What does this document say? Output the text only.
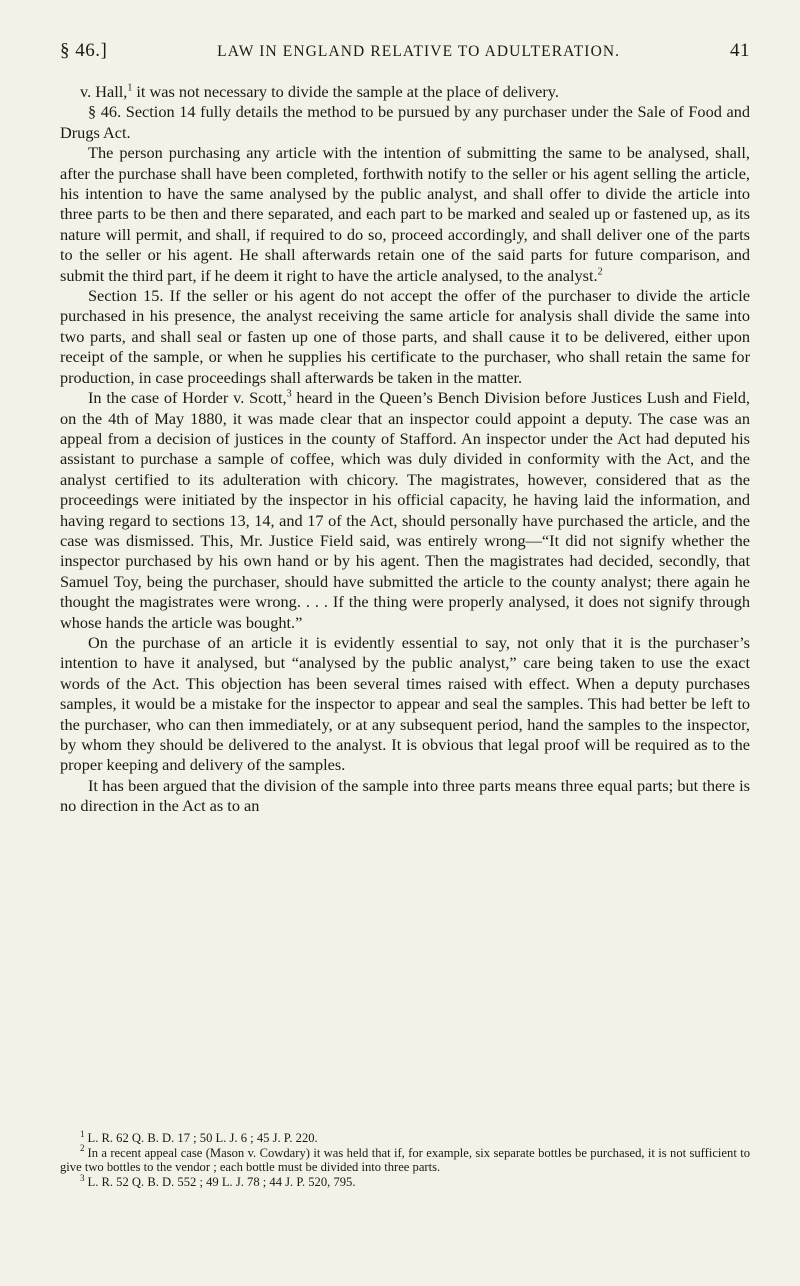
§ 46.]	LAW IN ENGLAND RELATIVE TO ADULTERATION.	41

v. Hall,$^1$ it was not necessary to divide the sample at the place of delivery.

§ 46. Section 14 fully details the method to be pursued by any purchaser under the Sale of Food and Drugs Act.

The person purchasing any article with the intention of submitting the same to be analysed, shall, after the purchase shall have been completed, forthwith notify to the seller or his agent selling the article, his intention to have the same analysed by the public analyst, and shall offer to divide the article into three parts to be then and there separated, and each part to be marked and sealed up or fastened up, as its nature will permit, and shall, if required to do so, proceed accordingly, and shall deliver one of the parts to the seller or his agent. He shall afterwards retain one of the said parts for future comparison, and submit the third part, if he deem it right to have the article analysed, to the analyst.$^2$

Section 15. If the seller or his agent do not accept the offer of the purchaser to divide the article purchased in his presence, the analyst receiving the same article for analysis shall divide the same into two parts, and shall seal or fasten up one of those parts, and shall cause it to be delivered, either upon receipt of the sample, or when he supplies his certificate to the purchaser, who shall retain the same for production, in case proceedings shall afterwards be taken in the matter.

In the case of Horder v. Scott,$^3$ heard in the Queen’s Bench Division before Justices Lush and Field, on the 4th of May 1880, it was made clear that an inspector could appoint a deputy. The case was an appeal from a decision of justices in the county of Stafford. An inspector under the Act had deputed his assistant to purchase a sample of coffee, which was duly divided in conformity with the Act, and the analyst certified to its adulteration with chicory. The magistrates, however, considered that as the proceedings were initiated by the inspector in his official capacity, he having laid the information, and having regard to sections 13, 14, and 17 of the Act, should personally have purchased the article, and the case was dismissed. This, Mr. Justice Field said, was entirely wrong—“It did not signify whether the inspector purchased by his own hand or by his agent. Then the magistrates had decided, secondly, that Samuel Toy, being the purchaser, should have submitted the article to the county analyst; there again he thought the magistrates were wrong. . . . If the thing were properly analysed, it does not signify through whose hands the article was bought.”

On the purchase of an article it is evidently essential to say, not only that it is the purchaser’s intention to have it analysed, but “analysed by the public analyst,” care being taken to use the exact words of the Act. This objection has been several times raised with effect. When a deputy purchases samples, it would be a mistake for the inspector to appear and seal the samples. This had better be left to the purchaser, who can then immediately, or at any subsequent period, hand the samples to the inspector, by whom they should be delivered to the analyst. It is obvious that legal proof will be required as to the proper keeping and delivery of the samples.

It has been argued that the division of the sample into three parts means three equal parts; but there is no direction in the Act as to an

$^1$ L. R. 62 Q. B. D. 17 ; 50 L. J. 6 ; 45 J. P. 220.

$^2$ In a recent appeal case (Mason v. Cowdary) it was held that if, for example, six separate bottles be purchased, it is not sufficient to give two bottles to the vendor ; each bottle must be divided into three parts.

$^3$ L. R. 52 Q. B. D. 552 ; 49 L. J. 78 ; 44 J. P. 520, 795.
